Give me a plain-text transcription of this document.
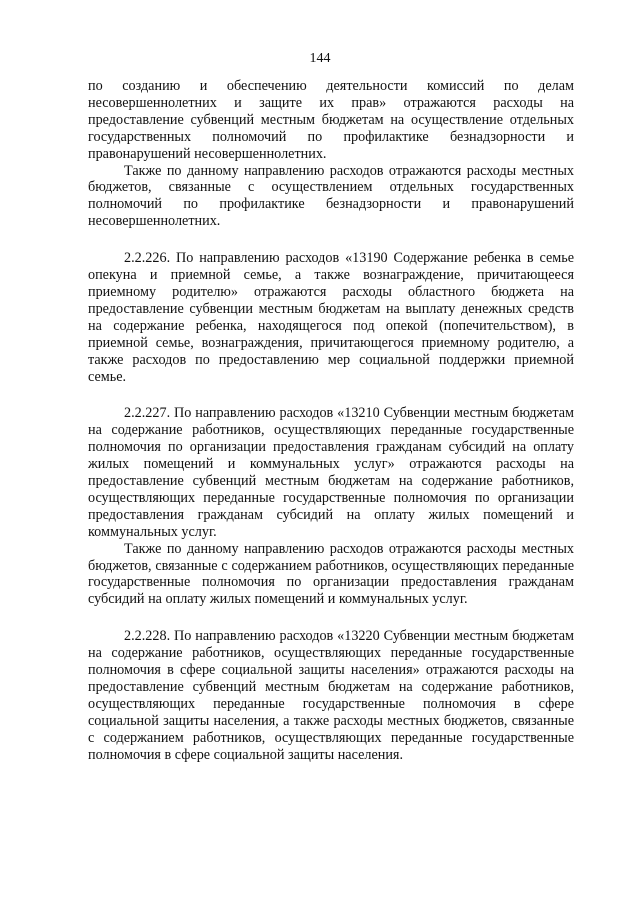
144

по созданию и обеспечению деятельности комиссий по делам несовершеннолетних и защите их прав» отражаются расходы на предоставление субвенций местным бюджетам на осуществление отдельных государственных полномочий по профилактике безнадзорности и правонарушений несовершеннолетних.

Также по данному направлению расходов отражаются расходы местных бюджетов, связанные с осуществлением отдельных государственных полномочий по профилактике безнадзорности и правонарушений несовершеннолетних.

2.2.226. По направлению расходов «13190 Содержание ребенка в семье опекуна и приемной семье, а также вознаграждение, причитающееся приемному родителю» отражаются расходы областного бюджета на предоставление субвенции местным бюджетам на выплату денежных средств на содержание ребенка, находящегося под опекой (попечительством), в приемной семье, вознаграждения, причитающегося приемному родителю, а также расходов по предоставлению мер социальной поддержки приемной семье.

2.2.227. По направлению расходов «13210 Субвенции местным бюджетам на содержание работников, осуществляющих переданные государственные полномочия по организации предоставления гражданам субсидий на оплату жилых помещений и коммунальных услуг» отражаются расходы на предоставление субвенций местным бюджетам на содержание работников, осуществляющих переданные государственные полномочия по организации предоставления гражданам субсидий на оплату жилых помещений и коммунальных услуг.

Также по данному направлению расходов отражаются расходы местных бюджетов, связанные с содержанием работников, осуществляющих переданные государственные полномочия по организации предоставления гражданам субсидий на оплату жилых помещений и коммунальных услуг.

2.2.228. По направлению расходов «13220 Субвенции местным бюджетам на содержание работников, осуществляющих переданные государственные полномочия в сфере социальной защиты населения» отражаются расходы на предоставление субвенций местным бюджетам на содержание работников, осуществляющих переданные государственные полномочия в сфере социальной защиты населения, а также расходы местных бюджетов, связанные с содержанием работников, осуществляющих переданные государственные полномочия в сфере социальной защиты населения.
